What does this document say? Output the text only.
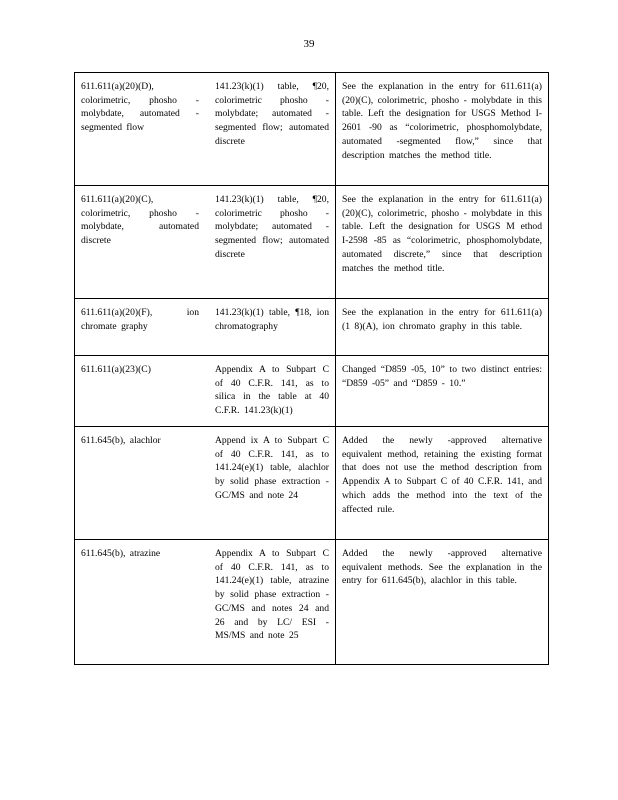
39
611.611(a)(20)(D), colorimetric, phosho - molybdate, automated - segmented flow	141.23(k)(1) table, ¶20, colorimetric phosho - molybdate; automated - segmented flow; automated discrete	See the explanation in the entry for 611.611(a)(20)(C), colorimetric, phosho - molybdate in this table. Left the designation for USGS Method I-2601 -90 as “colorimetric, phosphomolybdate, automated -segmented flow,” since that description matches the method title.
611.611(a)(20)(C), colorimetric, phosho - molybdate, automated discrete	141.23(k)(1) table, ¶20, colorimetric phosho - molybdate; automated - segmented flow; automated discrete	See the explanation in the entry for 611.611(a)(20)(C), colorimetric, phosho - molybdate in this table. Left the designation for USGS M ethod I-2598 -85 as “colorimetric, phosphomolybdate, automated discrete,” since that description matches the method title.
611.611(a)(20)(F), ion chromate graphy	141.23(k)(1) table, ¶18, ion chromatography	See the explanation in the entry for 611.611(a)(1 8)(A), ion chromato graphy in this table.
611.611(a)(23)(C)	Appendix A to Subpart C of 40 C.F.R. 141, as to silica in the table at 40 C.F.R. 141.23(k)(1)	Changed “D859 -05, 10” to two distinct entries: “D859 -05” and “D859 - 10.”
611.645(b), alachlor	Append ix A to Subpart C of 40 C.F.R. 141, as to 141.24(e)(1) table, alachlor by solid phase extraction - GC/MS and note 24	Added the newly -approved alternative equivalent method, retaining the existing format that does not use the method description from Appendix A to Subpart C of 40 C.F.R. 141, and which adds the method into the text of the affected rule.
611.645(b), atrazine	Appendix A to Subpart C of 40 C.F.R. 141, as to 141.24(e)(1) table, atrazine by solid phase extraction - GC/MS and notes 24 and 26 and by LC/ ESI -MS/MS and note 25	Added the newly -approved alternative equivalent methods. See the explanation in the entry for 611.645(b), alachlor in this table.
